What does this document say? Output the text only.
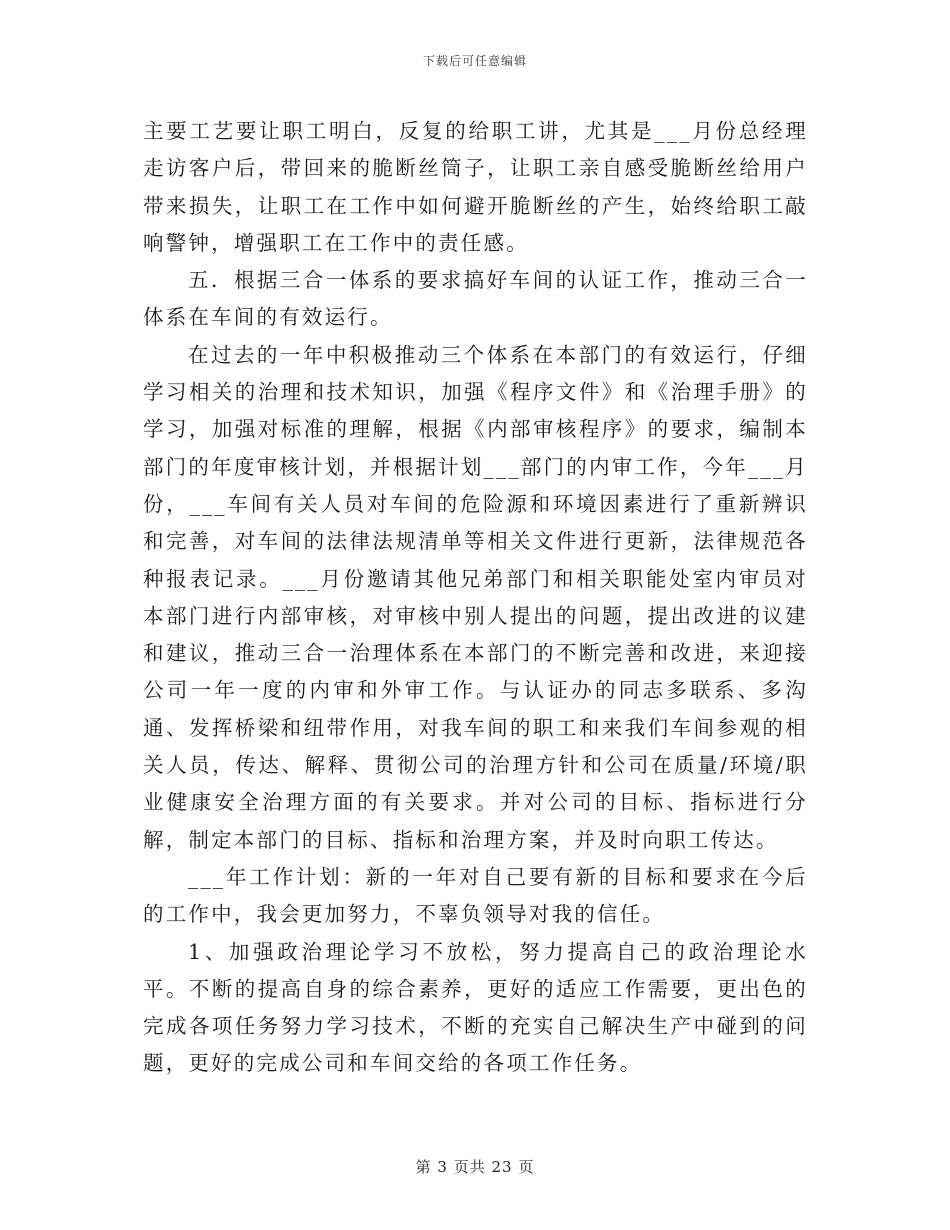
下载后可任意编辑

主要工艺要让职工明白，反复的给职工讲，尤其是___月份总经理走访客户后，带回来的脆断丝筒子，让职工亲自感受脆断丝给用户带来损失，让职工在工作中如何避开脆断丝的产生，始终给职工敲响警钟，增强职工在工作中的责任感。

五．根据三合一体系的要求搞好车间的认证工作，推动三合一体系在车间的有效运行。

在过去的一年中积极推动三个体系在本部门的有效运行，仔细学习相关的治理和技术知识，加强《程序文件》和《治理手册》的学习，加强对标准的理解，根据《内部审核程序》的要求，编制本部门的年度审核计划，并根据计划___部门的内审工作，今年___月份，___车间有关人员对车间的危险源和环境因素进行了重新辨识和完善，对车间的法律法规清单等相关文件进行更新，法律规范各种报表记录。___月份邀请其他兄弟部门和相关职能处室内审员对本部门进行内部审核，对审核中别人提出的问题，提出改进的议建和建议，推动三合一治理体系在本部门的不断完善和改进，来迎接公司一年一度的内审和外审工作。与认证办的同志多联系、多沟通、发挥桥梁和纽带作用，对我车间的职工和来我们车间参观的相关人员，传达、解释、贯彻公司的治理方针和公司在质量/环境/职业健康安全治理方面的有关要求。并对公司的目标、指标进行分解，制定本部门的目标、指标和治理方案，并及时向职工传达。

___年工作计划：新的一年对自己要有新的目标和要求在今后的工作中，我会更加努力，不辜负领导对我的信任。

1、加强政治理论学习不放松，努力提高自己的政治理论水平。不断的提高自身的综合素养，更好的适应工作需要，更出色的完成各项任务努力学习技术，不断的充实自己解决生产中碰到的问题，更好的完成公司和车间交给的各项工作任务。

第 3 页共 23 页
